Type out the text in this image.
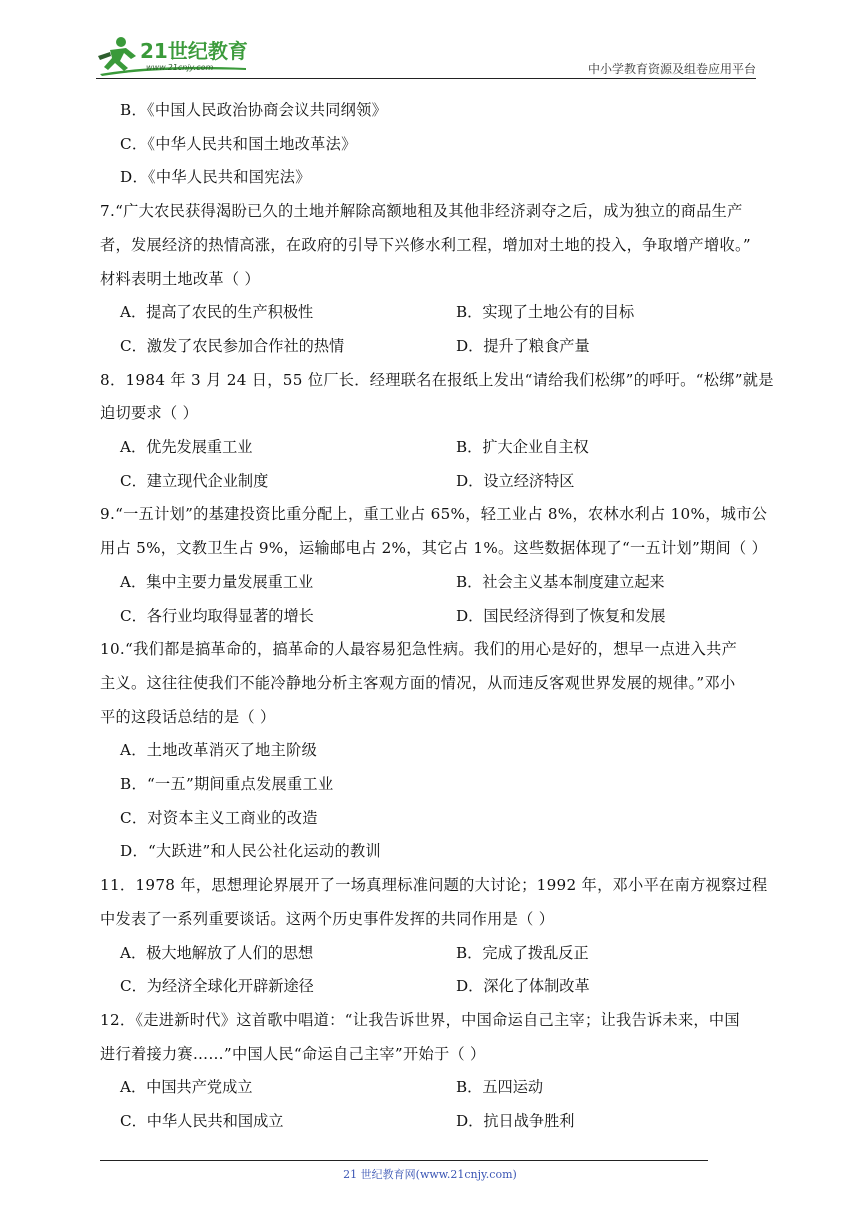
21世纪教育
www.21cnjy.com	中小学教育资源及组卷应用平台
B．《中国人民政治协商会议共同纲领》
C．《中华人民共和国土地改革法》
D．《中华人民共和国宪法》
7.“广大农民获得渴盼已久的土地并解除高额地租及其他非经济剥夺之后，成为独立的商品生产
者，发展经济的热情高涨，在政府的引导下兴修水利工程，增加对土地的投入，争取增产增收。”
材料表明土地改革（ ）
A．提高了农民的生产积极性	B．实现了土地公有的目标
C．激发了农民参加合作社的热情	D．提升了粮食产量
8．1984 年 3 月 24 日，55 位厂长．经理联名在报纸上发出“请给我们松绑”的呼吁。“松绑”就是
迫切要求（ ）
A．优先发展重工业	B．扩大企业自主权
C．建立现代企业制度	D．设立经济特区
9.“一五计划”的基建投资比重分配上，重工业占 65%，轻工业占 8%，农林水利占 10%，城市公
用占 5%，文教卫生占 9%，运输邮电占 2%，其它占 1%。这些数据体现了“一五计划”期间（ ）
A．集中主要力量发展重工业	B．社会主义基本制度建立起来
C．各行业均取得显著的增长	D．国民经济得到了恢复和发展
10.“我们都是搞革命的，搞革命的人最容易犯急性病。我们的用心是好的，想早一点进入共产
主义。这往往使我们不能冷静地分析主客观方面的情况，从而违反客观世界发展的规律。”邓小
平的这段话总结的是（ ）
A．土地改革消灭了地主阶级
B．“一五”期间重点发展重工业
C．对资本主义工商业的改造
D．“大跃进”和人民公社化运动的教训
11．1978 年，思想理论界展开了一场真理标准问题的大讨论；1992 年，邓小平在南方视察过程
中发表了一系列重要谈话。这两个历史事件发挥的共同作用是（ ）
A．极大地解放了人们的思想	B．完成了拨乱反正
C．为经济全球化开辟新途径	D．深化了体制改革
12．《走进新时代》这首歌中唱道：“让我告诉世界，中国命运自己主宰；让我告诉未来，中国
进行着接力赛……”中国人民“命运自己主宰”开始于（ ）
A．中国共产党成立	B．五四运动
C．中华人民共和国成立	D．抗日战争胜利
21 世纪教育网(www.21cnjy.com)
